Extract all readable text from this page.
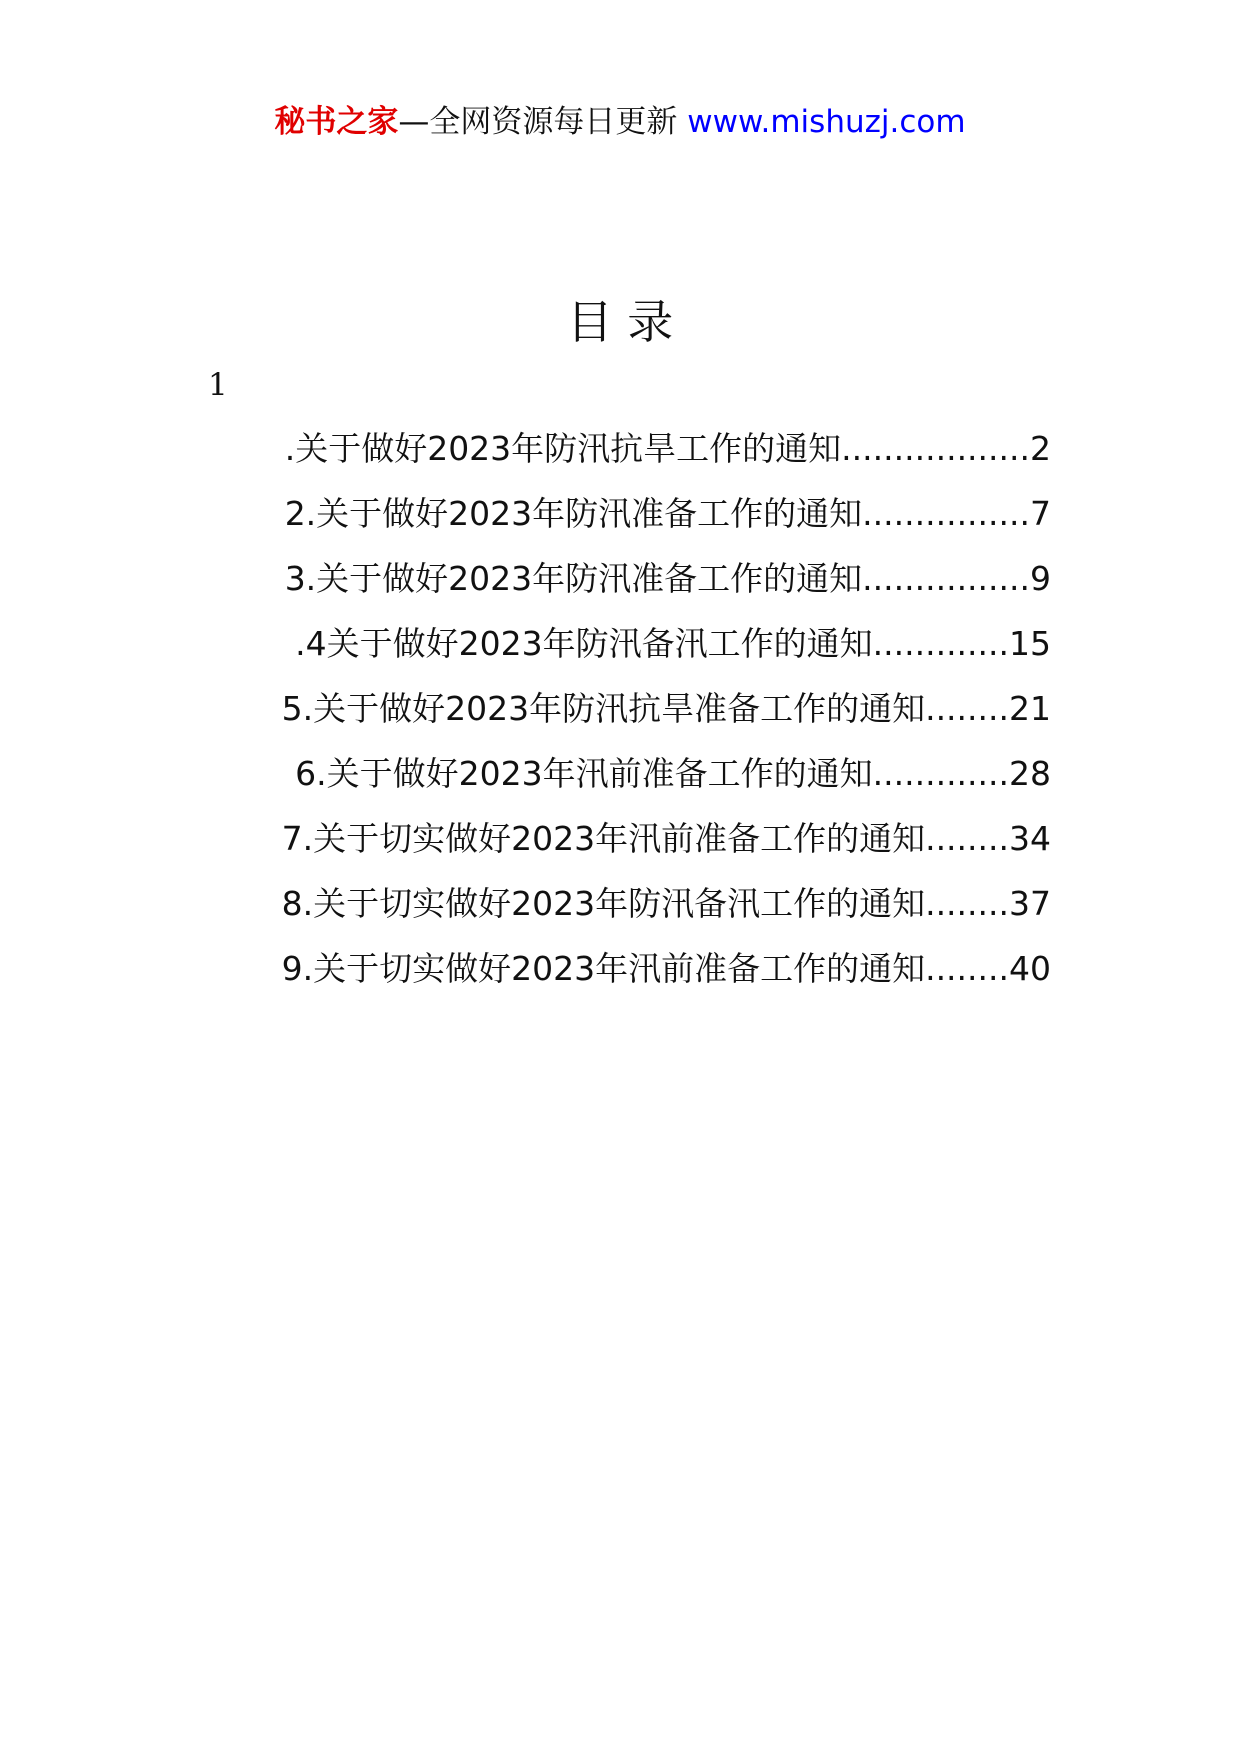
秘书之家—全网资源每日更新 www.mishuzj.com
目 录
1
.关于做好2023年防汛抗旱工作的通知..................2
2.关于做好2023年防汛准备工作的通知................7
3.关于做好2023年防汛准备工作的通知................9
.4关于做好2023年防汛备汛工作的通知.............15
5.关于做好2023年防汛抗旱准备工作的通知........21
6.关于做好2023年汛前准备工作的通知.............28
7.关于切实做好2023年汛前准备工作的通知........34
8.关于切实做好2023年防汛备汛工作的通知........37
9.关于切实做好2023年汛前准备工作的通知........40
